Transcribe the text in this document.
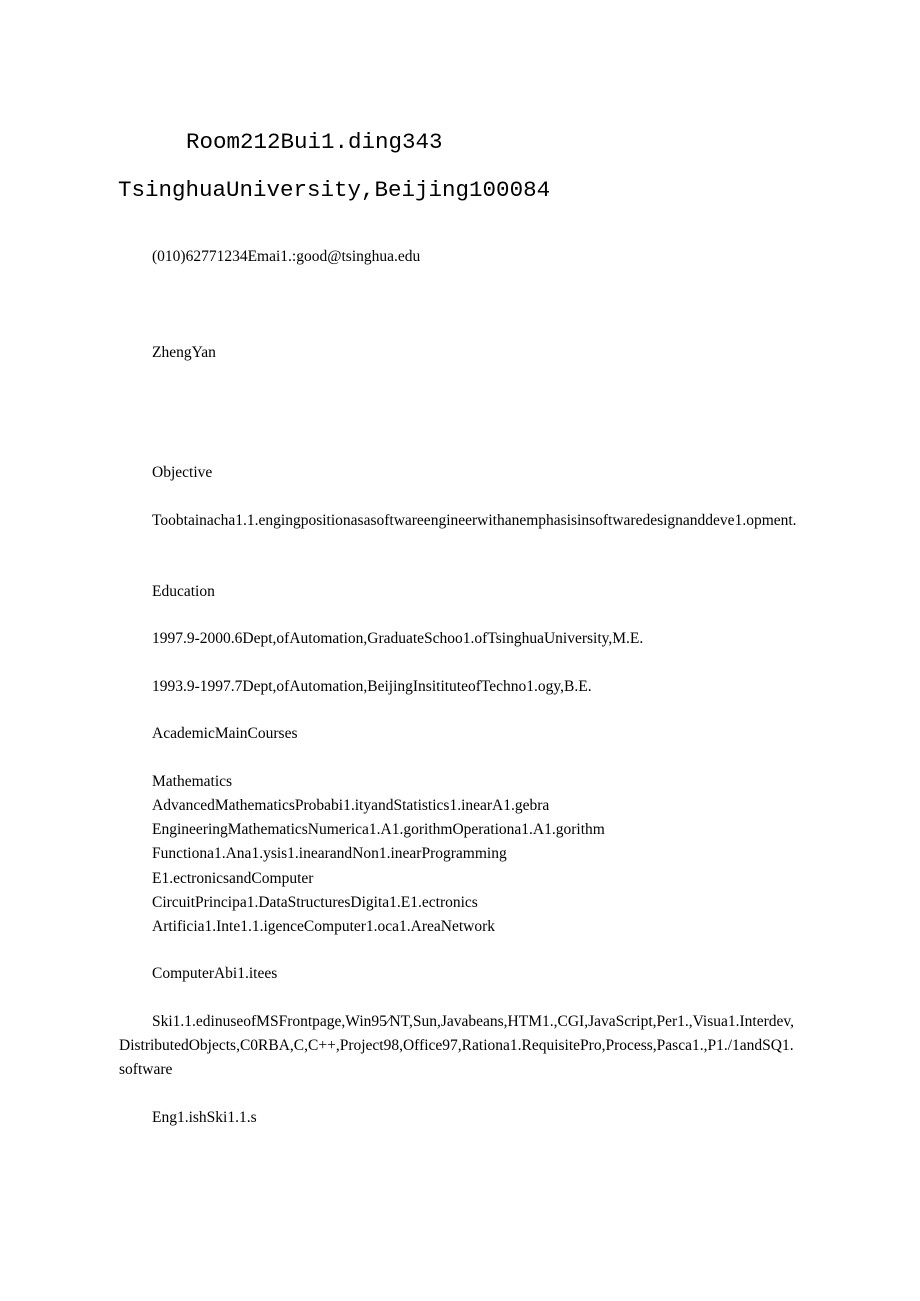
Room212Bui1.ding343
TsinghuaUniversity,Beijing100084
(010)62771234Emai1.:good@tsinghua.edu
ZhengYan
Objective
Toobtainacha1.1.engingpositionasasoftwareengineerwithanemphasisinsoftwaredesignanddeve1.opment.
Education
1997.9-2000.6Dept,ofAutomation,GraduateSchoo1.ofTsinghuaUniversity,M.E.
1993.9-1997.7Dept,ofAutomation,BeijingInsitituteofTechno1.ogy,B.E.
AcademicMainCourses
Mathematics
AdvancedMathematicsProbabi1.ityandStatistics1.inearA1.gebra
EngineeringMathematicsNumerica1.A1.gorithmOperationa1.A1.gorithm
Functiona1.Ana1.ysis1.inearandNon1.inearProgramming
E1.ectronicsandComputer
CircuitPrincipa1.DataStructuresDigita1.E1.ectronics
Artificia1.Inte1.1.igenceComputer1.oca1.AreaNetwork
ComputerAbi1.itees
Ski1.1.edinuseofMSFrontpage,Win95∕NT,Sun,Javabeans,HTM1.,CGI,JavaScript,Per1.,Visua1.Interdev,DistributedObjects,C0RBA,C,C++,Project98,Office97,Rationa1.RequisitePro,Process,Pasca1.,P1./1andSQ1.software
Eng1.ishSki1.1.s
